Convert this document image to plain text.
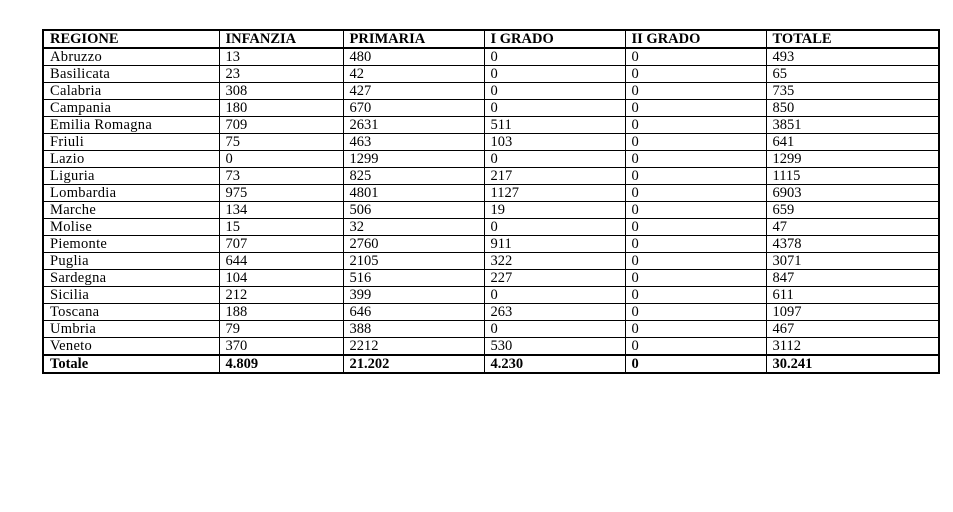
REGIONE	INFANZIA	PRIMARIA	I GRADO	II GRADO	TOTALE
Abruzzo	13	480	0	0	493
Basilicata	23	42	0	0	65
Calabria	308	427	0	0	735
Campania	180	670	0	0	850
Emilia Romagna	709	2631	511	0	3851
Friuli	75	463	103	0	641
Lazio	0	1299	0	0	1299
Liguria	73	825	217	0	1115
Lombardia	975	4801	1127	0	6903
Marche	134	506	19	0	659
Molise	15	32	0	0	47
Piemonte	707	2760	911	0	4378
Puglia	644	2105	322	0	3071
Sardegna	104	516	227	0	847
Sicilia	212	399	0	0	611
Toscana	188	646	263	0	1097
Umbria	79	388	0	0	467
Veneto	370	2212	530	0	3112
Totale	4.809	21.202	4.230	0	30.241
